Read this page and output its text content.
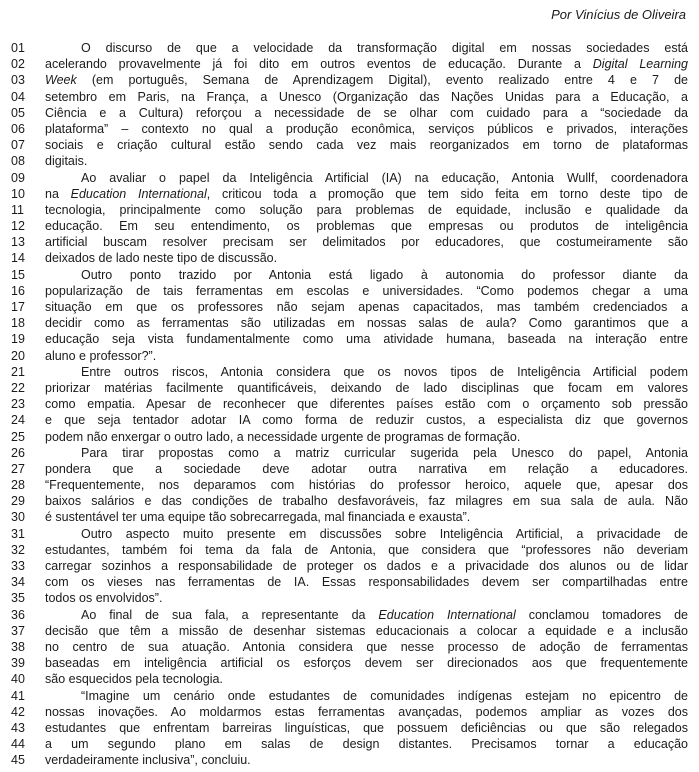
Por Vinícius de Oliveira
01	O discurso de que a velocidade da transformação digital em nossas sociedades está
02	acelerando provavelmente já foi dito em outros eventos de educação. Durante a Digital Learning
03	Week (em português, Semana de Aprendizagem Digital), evento realizado entre 4 e 7 de
04	setembro em Paris, na França, a Unesco (Organização das Nações Unidas para a Educação, a
05	Ciência e a Cultura) reforçou a necessidade de se olhar com cuidado para a “sociedade da
06	plataforma” – contexto no qual a produção econômica, serviços públicos e privados, interações
07	sociais e criação cultural estão sendo cada vez mais reorganizados em torno de plataformas
08	digitais.
09	Ao avaliar o papel da Inteligência Artificial (IA) na educação, Antonia Wullf, coordenadora
10	na Education International, criticou toda a promoção que tem sido feita em torno deste tipo de
11	tecnologia, principalmente como solução para problemas de equidade, inclusão e qualidade da
12	educação. Em seu entendimento, os problemas que empresas ou produtos de inteligência
13	artificial buscam resolver precisam ser delimitados por educadores, que costumeiramente são
14	deixados de lado neste tipo de discussão.
15	Outro ponto trazido por Antonia está ligado à autonomia do professor diante da
16	popularização de tais ferramentas em escolas e universidades. “Como podemos chegar a uma
17	situação em que os professores não sejam apenas capacitados, mas também credenciados a
18	decidir como as ferramentas são utilizadas em nossas salas de aula? Como garantimos que a
19	educação seja vista fundamentalmente como uma atividade humana, baseada na interação entre
20	aluno e professor?”.
21	Entre outros riscos, Antonia considera que os novos tipos de Inteligência Artificial podem
22	priorizar matérias facilmente quantificáveis, deixando de lado disciplinas que focam em valores
23	como empatia. Apesar de reconhecer que diferentes países estão com o orçamento sob pressão
24	e que seja tentador adotar IA como forma de reduzir custos, a especialista diz que governos
25	podem não enxergar o outro lado, a necessidade urgente de programas de formação.
26	Para tirar propostas como a matriz curricular sugerida pela Unesco do papel, Antonia
27	pondera que a sociedade deve adotar outra narrativa em relação a educadores.
28	“Frequentemente, nos deparamos com histórias do professor heroico, aquele que, apesar dos
29	baixos salários e das condições de trabalho desfavoráveis, faz milagres em sua sala de aula. Não
30	é sustentável ter uma equipe tão sobrecarregada, mal financiada e exausta”.
31	Outro aspecto muito presente em discussões sobre Inteligência Artificial, a privacidade de
32	estudantes, também foi tema da fala de Antonia, que considera que “professores não deveriam
33	carregar sozinhos a responsabilidade de proteger os dados e a privacidade dos alunos ou de lidar
34	com os vieses nas ferramentas de IA. Essas responsabilidades devem ser compartilhadas entre
35	todos os envolvidos”.
36	Ao final de sua fala, a representante da Education International conclamou tomadores de
37	decisão que têm a missão de desenhar sistemas educacionais a colocar a equidade e a inclusão
38	no centro de sua atuação. Antonia considera que nesse processo de adoção de ferramentas
39	baseadas em inteligência artificial os esforços devem ser direcionados aos que frequentemente
40	são esquecidos pela tecnologia.
41	“Imagine um cenário onde estudantes de comunidades indígenas estejam no epicentro de
42	nossas inovações. Ao moldarmos estas ferramentas avançadas, podemos ampliar as vozes dos
43	estudantes que enfrentam barreiras linguísticas, que possuem deficiências ou que são relegados
44	a um segundo plano em salas de design distantes. Precisamos tornar a educação
45	verdadeiramente inclusiva”, concluiu.
